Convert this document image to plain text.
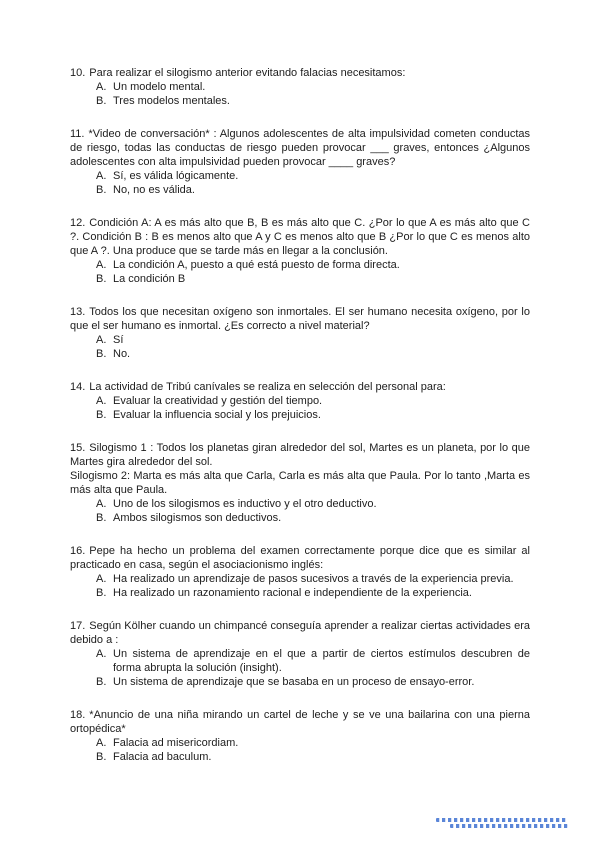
10. Para realizar el silogismo anterior evitando falacias necesitamos:

A. Un modelo mental.
B. Tres modelos mentales.

11. *Video de conversación* : Algunos adolescentes de alta impulsividad cometen conductas de riesgo, todas las conductas de riesgo pueden provocar ___ graves, entonces ¿Algunos adolescentes con alta impulsividad pueden provocar ____ graves?

A. Sí, es válida lógicamente.
B. No, no es válida.

12. Condición A: A es más alto que B, B es más alto que C. ¿Por lo que A es más alto que C ?. Condición B : B es menos alto que A y C es menos alto que B ¿Por lo que C es menos alto que A ?. Una produce que se tarde más en llegar a la conclusión.

A. La condición A, puesto a qué está puesto de forma directa.
B. La condición B

13. Todos los que necesitan oxígeno son inmortales. El ser humano necesita oxígeno, por lo que el ser humano es inmortal. ¿Es correcto a nivel material?

A. Sí
B. No.

14. La actividad de Tribú canívales se realiza en selección del personal para:

A. Evaluar la creatividad y gestión del tiempo.
B. Evaluar la influencia social y los prejuicios.

15. Silogismo 1 : Todos los planetas giran alrededor del sol, Martes es un planeta, por lo que Martes gira alrededor del sol.

Silogismo 2: Marta es más alta que Carla, Carla es más alta que Paula. Por lo tanto ,Marta es más alta que Paula.

A. Uno de los silogismos es inductivo y el otro deductivo.
B. Ambos silogismos son deductivos.

16. Pepe ha hecho un problema del examen correctamente porque dice que es similar al practicado en casa, según el asociacionismo inglés:

A. Ha realizado un aprendizaje de pasos sucesivos a través de la experiencia previa.
B. Ha realizado un razonamiento racional e independiente de la experiencia.

17. Según Kölher cuando un chimpancé conseguía aprender a realizar ciertas actividades era debido a :

A. Un sistema de aprendizaje en el que a partir de ciertos estímulos descubren de forma abrupta la solución (insight).
B. Un sistema de aprendizaje que se basaba en un proceso de ensayo-error.

18. *Anuncio de una niña mirando un cartel de leche y se ve una bailarina con una pierna ortopédica*

A. Falacia ad misericordiam.
B. Falacia ad baculum.
